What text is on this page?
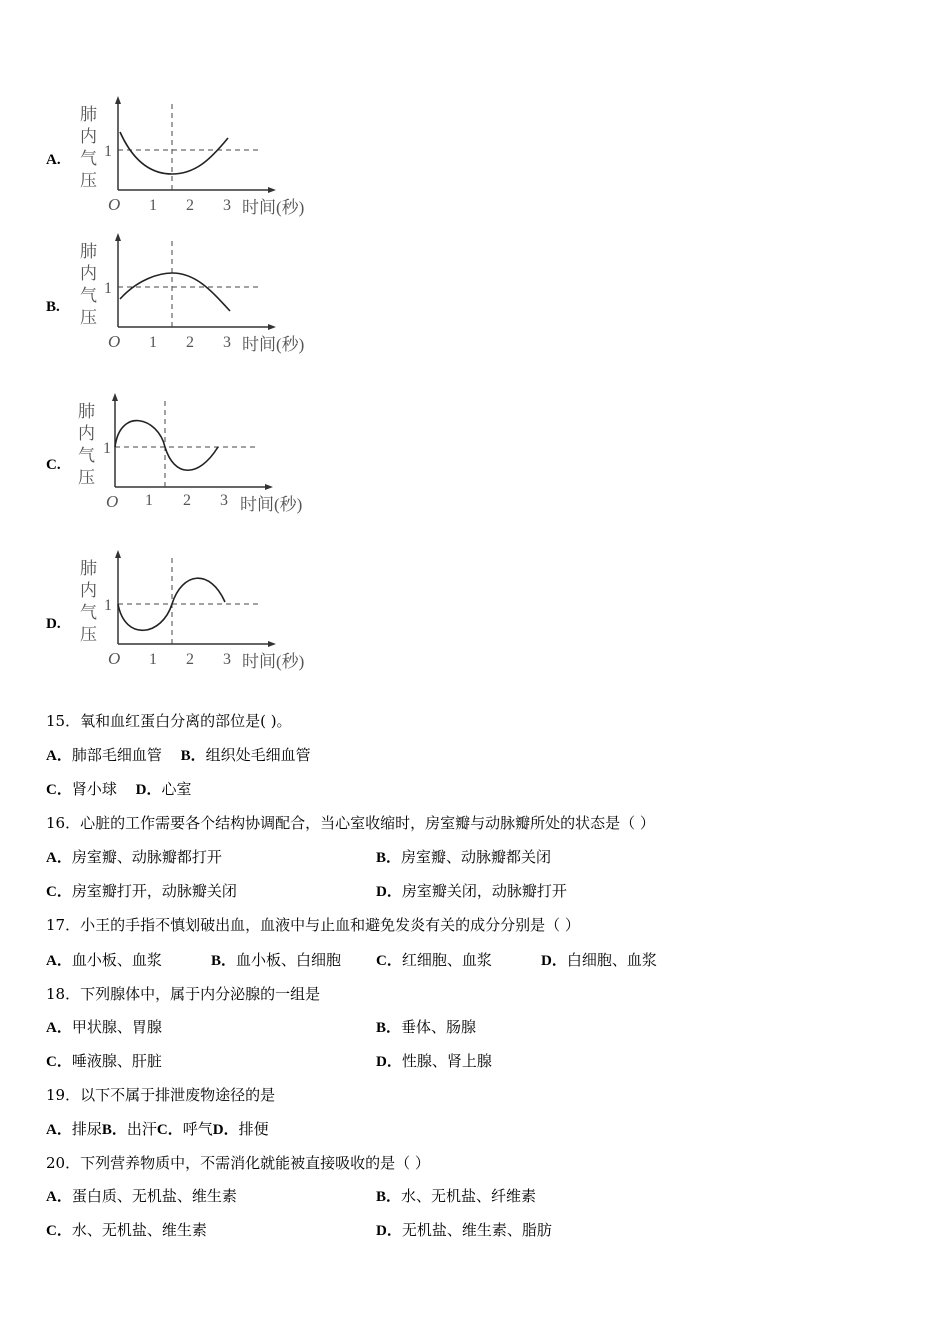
A.
肺
内
气
压
1
O 1 2 3 时间(秒)
B.
肺
内
气
压
1
O 1 2 3 时间(秒)
C.
肺
内
气
压
1
O 1 2 3 时间(秒)
D.
肺
内
气
压
1
O 1 2 3 时间(秒)
15．氧和血红蛋白分离的部位是( )。
A．肺部毛细血管 B．组织处毛细血管
C．肾小球 D．心室
16．心脏的工作需要各个结构协调配合，当心室收缩时，房室瓣与动脉瓣所处的状态是（ ）
A．房室瓣、动脉瓣都打开	B．房室瓣、动脉瓣都关闭
C．房室瓣打开，动脉瓣关闭	D．房室瓣关闭，动脉瓣打开
17．小王的手指不慎划破出血，血液中与止血和避免发炎有关的成分分别是（ ）
A．血小板、血浆	B．血小板、白细胞 C．红细胞、血浆	D．白细胞、血浆
18．下列腺体中，属于内分泌腺的一组是
A．甲状腺、胃腺	B．垂体、肠腺
C．唾液腺、肝脏	D．性腺、肾上腺
19．以下不属于排泄废物途径的是
A．排尿B．出汗C．呼气D．排便
20．下列营养物质中，不需消化就能被直接吸收的是（ ）
A．蛋白质、无机盐、维生素	B．水、无机盐、纤维素
C．水、无机盐、维生素	D．无机盐、维生素、脂肪
